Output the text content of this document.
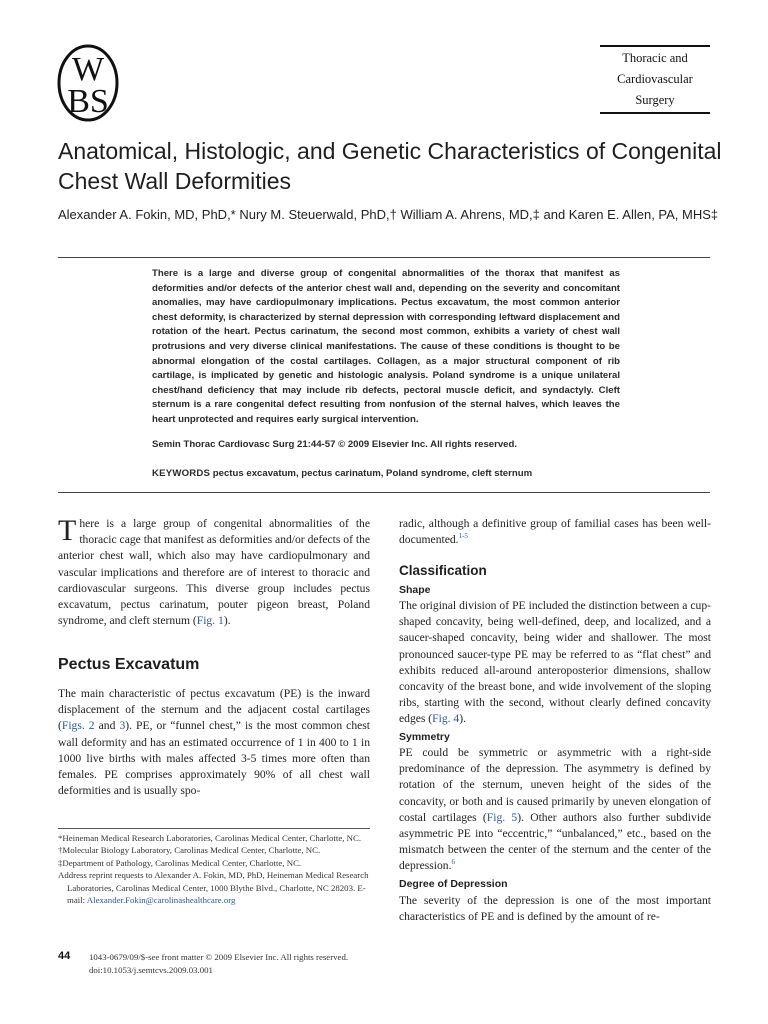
W
BS
Thoracic and
Cardiovascular
Surgery
Anatomical, Histologic, and Genetic Characteristics of Congenital Chest Wall Deformities

Alexander A. Fokin, MD, PhD,* Nury M. Steuerwald, PhD,† William A. Ahrens, MD,‡ and Karen E. Allen, PA, MHS‡

There is a large and diverse group of congenital abnormalities of the thorax that manifest as deformities and/or defects of the anterior chest wall and, depending on the severity and concomitant anomalies, may have cardiopulmonary implications. Pectus excavatum, the most common anterior chest deformity, is characterized by sternal depression with corresponding leftward displacement and rotation of the heart. Pectus carinatum, the second most common, exhibits a variety of chest wall protrusions and very diverse clinical manifestations. The cause of these conditions is thought to be abnormal elongation of the costal cartilages. Collagen, as a major structural component of rib cartilage, is implicated by genetic and histologic analysis. Poland syndrome is a unique unilateral chest/hand deficiency that may include rib defects, pectoral muscle deficit, and syndactyly. Cleft sternum is a rare congenital defect resulting from nonfusion of the sternal halves, which leaves the heart unprotected and requires early surgical intervention.

Semin Thorac Cardiovasc Surg 21:44-57 © 2009 Elsevier Inc. All rights reserved.

KEYWORDS pectus excavatum, pectus carinatum, Poland syndrome, cleft sternum

There is a large group of congenital abnormalities of the thoracic cage that manifest as deformities and/or defects of the anterior chest wall, which also may have cardiopulmonary and vascular implications and therefore are of interest to thoracic and cardiovascular surgeons. This diverse group includes pectus excavatum, pectus carinatum, pouter pigeon breast, Poland syndrome, and cleft sternum (Fig. 1).

Pectus Excavatum

The main characteristic of pectus excavatum (PE) is the inward displacement of the sternum and the adjacent costal cartilages (Figs. 2 and 3). PE, or “funnel chest,” is the most common chest wall deformity and has an estimated occurrence of 1 in 400 to 1 in 1000 live births with males affected 3-5 times more often than females. PE comprises approximately 90% of all chest wall deformities and is usually spo-

*Heineman Medical Research Laboratories, Carolinas Medical Center, Charlotte, NC.
†Molecular Biology Laboratory, Carolinas Medical Center, Charlotte, NC.
‡Department of Pathology, Carolinas Medical Center, Charlotte, NC.
Address reprint requests to Alexander A. Fokin, MD, PhD, Heineman Medical Research Laboratories, Carolinas Medical Center, 1000 Blythe Blvd., Charlotte, NC 28203. E-mail: Alexander.Fokin@carolinashealthcare.org

radic, although a definitive group of familial cases has been well-documented.$^{1-5}$

Classification
Shape

The original division of PE included the distinction between a cup-shaped concavity, being well-defined, deep, and localized, and a saucer-shaped concavity, being wider and shallower. The most pronounced saucer-type PE may be referred to as “flat chest” and exhibits reduced all-around anteroposterior dimensions, shallow concavity of the breast bone, and wide involvement of the sloping ribs, starting with the second, without clearly defined concavity edges (Fig. 4).

Symmetry

PE could be symmetric or asymmetric with a right-side predominance of the depression. The asymmetry is defined by rotation of the sternum, uneven height of the sides of the concavity, or both and is caused primarily by uneven elongation of costal cartilages (Fig. 5). Other authors also further subdivide asymmetric PE into “eccentric,” “unbalanced,” etc., based on the mismatch between the center of the sternum and the center of the depression.$^6$

Degree of Depression

The severity of the depression is one of the most important characteristics of PE and is defined by the amount of re-

44 1043-0679/09/$-see front matter © 2009 Elsevier Inc. All rights reserved.
doi:10.1053/j.semtcvs.2009.03.001
